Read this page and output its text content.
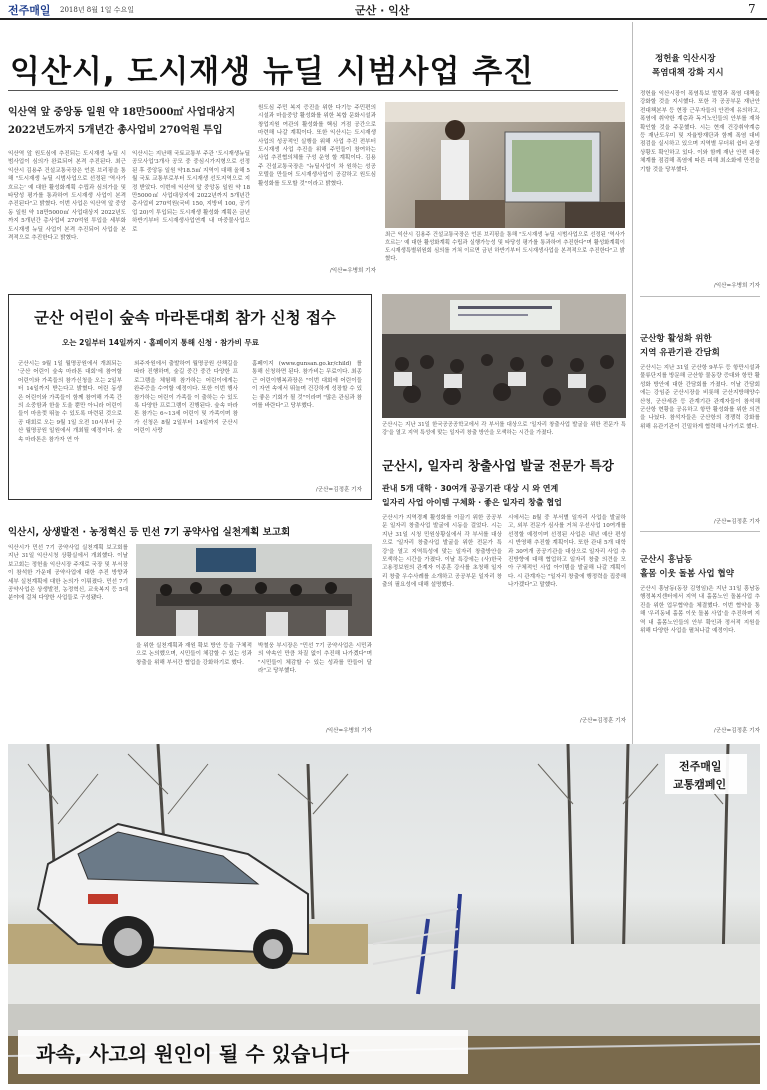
전주매일 2018년 8월 1일 수요일	군산 · 익산	7
익산시, 도시재생 뉴딜 시범사업 추진
익산역 앞 중앙동 일원 약 18만5000㎡ 사업대상지
2022년도까지 5개년간 총사업비 270억원 투입
익산역 앞 원도심에 추진되는 도시재생 뉴딜 시범사업이 심의가 완료되어 본격 추진된다. 최근 익산시 김용주 건설교통국장은 언론 브리핑을 통해 "도시재생 뉴딜 시범사업으로 선정된 '역사가 흐르는' 예 대한 활성화계획 수립과 심의가을 및 타당성 평가를 통과하여 도시재생 사업이 본격 추진된다"고 밝혔다. 이번 사업은 익산역 앞 중앙동 일원 약 18만5000㎡ 사업대상지 2022년도까지 5개년간 총사업비 270억원 투입을 세부화 도시재생 뉴딜 사업이 본격 추진되어 사업을 본격적으로 추진한다고 밝혔다.
익산시는 지난해 국토교통부 주관 '도시재생뉴딜 공모사업'3개사 공모 중 중심시가지형으로 선정된 후 중앙동 일원 약18.5㎡ 지역이 대해 올해 5월 국토 교통부로부터 도시재생 선도지역으로 지정 받았다. 이번에 익산역 앞 중앙동 일원 약 18만5000㎡ 사업대상지에 2022년까지 5개년간 총사업비 270억원(국비 150, 지방비 100, 공기업 20)이 투입되는 도시재생 활성화 계획은 금년 하반기부터 도시재생사업연계 내 마중물사업으로
원도심 주민 복지 증진을 위한 다기능 주민편의시설과 마을중앙 활성화를 위한 복합 문화시설과 창업지원 여관의 활성화를 핵심 거점 공간으로 마련해 나갈 계획이다. 또한 익산시는 도시재생 사업의 성공적인 실행을 위해 사업 추진 전부터 도시재생 사업 추진을 위해 주민들이 참여하는 사업 추진협의체를 구성 운영 할 계획이다. 김용주 건설교통국장은 "뉴딜사업이 차 원하는 성공모델을 만들어 도시재생사업이 공감하고 원도심 활성화를 도모할 것"이라고 밝혔다.
/익산=우병희 기자
최근 익산시 김용주 건설교통국장은 언론 브리핑을 통해 "도시재생 뉴딜 시범사업으로 선정된 '역사가 흐르는' 예 대한 활성화계획 수립과 실행가능성 및 타당성 평가를 통과하여 추진한다"며 활성화계획이 도시재생특별위원회 심의를 거쳐 이르면 금년 하반기부터 도시재생사업을 본격적으로 추진한다"고 밝혔다.
정헌율 익산시장
폭염대책 강화 지시
정헌율 익산시장이 폭염특보 발령과 폭염 대책을 강화할 것을 지시했다. 또한 각 공공부문 재난안전대책본부 등 현장 근무자들의 안전에 유의하고, 폭염에 취약한 계층과 독거노인들의 안부를 재차 확인할 것을 주문했다. 시는 현재 건강취약계층 등 재난도우미 및 자율방재단과 함께 폭염 대비 점검을 실시하고 있으며 지역별 무더위 쉼터 운영 상황도 확인하고 있다. 이와 함께 재난 안전 대응 체계를 점검해 폭염에 따른 피해 최소화에 만전을 기할 것을 당부했다.
/익산=우병희 기자
군산 어린이 숲속 마라톤대회 참가 신청 접수
오는 2일부터 14일까지 · 홈페이지 통해 신청 · 참가비 무료
군산시는 9월 1일 월명공원에서 개최되는 '군산 어린이 숲속 마라톤 대회'에 참여할 어린이와 가족들의 참가신청을 오는 2일부터 14일까지 받는다고 밝혔다. 어린 동생은 어린이와 가족들이 함께 참여해 가족 간의 소중함과 한울 도울 뿐만 아니라 어린이들이 마음껏 뛰놀 수 있도록 마련된 것으로 공 대회로 오는 9월 1일 오전 10시부터 군산 월명공원 일원에서 개최될 예정이다. 숲속 마라톤은 참가자 연 아
외주자원에서 출발하여 월명공원 산책길을 따라 진행하며, 숲길 중간 중간 다양한 프로그램을 체험해 참가하는 어린이에게는 완주증을 수여할 예정이다. 또한 이번 행사 참가하는 어린이 가족들 이 출하는 수 있도록 다양한 프로그램이 진행된다. 숲속 마라톤 참가는 6~13세 어린이 및 가족이며 참가 신청은 8월 2일부터 14일까지 군산시 어린이 사랑
홈페이지 (www.gunsan.go.kr/child) 를 통해 신청하면 된다. 참가비는 무료이다. 최종근 어린이행복과장은 "이번 대회에 어린이들이 자연 속에서 뛰놀며 건강하게 성장할 수 있는 좋은 기회가 될 것"이라며 "많은 관심과 참여를 바란다"고 당부했다.
/군산=김정훈 기자
군산시는 지난 31일 한국공공공학교에서 각 부서를 대상으로 '일자리 창출사업 발굴을 위한 전문가 특강'을 열고 지역 특성에 맞는 일자리 창출 방안을 모색하는 시간을 가졌다.
군산시, 일자리 창출사업 발굴 전문가 특강
관내 5개 대학 · 30여개 공공기관 대상 시 와 연계
일자리 사업 아이템 구체화 · 좋은 일자리 창출 협업
군산시가 지역경제 활성화를 이끌기 위한 공공부문 일자리 창출사업 발굴에 시동을 걸었다. 시는 지난 31일 시청 민원상황실에서 각 부서를 대상으로 '일자리 창출사업 발굴을 위한 전문가 특강'을 열고 지역특성에 맞는 일자리 창출방안을 모색하는 시간을 가졌다. 이날 특강에는 (사)한국고용정보원의 관계자 이종훈 강사를 초청해 일자리 창출 우수사례를 소개하고 공공부문 일자리 창출의 필요성에 대해 설명했다.
시에서는 8월 중 부서별 일자리 사업을 발굴하고, 외부 전문가 심사를 거쳐 우선사업 10여개를 선정할 예정이며 선정된 사업은 내년 예산 편성 시 반영해 추진할 계획이다. 또한 관내 5개 대학과 30여개 공공기관을 대상으로 일자리 사업 추진방향에 대해 협업하고 일자리 창출 의견을 모아 구체적인 사업 아이템을 발굴해 나갈 계획이다. 시 관계자는 "일자리 창출에 행정력을 집중해 나가겠다"고 말했다.
/군산=김정훈 기자
군산항 활성화 위한
지역 유관기관 간담회
군산시는 지난 31일 군산항 9부두 등 항만시설과 물류단지를 방문해 군산항 물동량 증대와 항만 활성화 방안에 대한 간담회를 가졌다. 이날 간담회에는 강임준 군산시장을 비롯해 군산지방해양수산청, 군산세관 등 관계기관 관계자들이 참석해 군산항 현황을 공유하고 항만 활성화를 위한 의견을 나눴다. 참석자들은 군산항의 경쟁력 강화를 위해 유관기관이 긴밀하게 협력해 나가기로 했다.
/군산=김정훈 기자
익산시, 상생발전 · 농정혁신 등 민선 7기 공약사업 실천계획 보고회
익산시가 민선 7기 공약사업 실천계획 보고회를 지난 31일 익산시청 상황실에서 개최했다. 이날 보고회는 정헌율 익산시장 주재로 국장 및 부서장이 참석한 가운데 공약사업에 대한 추진 방향과 세부 실천계획에 대한 논의가 이뤄졌다. 민선 7기 공약사업은 상생발전, 농정혁신, 교육복지 등 5대 분야에 걸쳐 다양한 사업들로 구성됐다.
을 위한 실천계획과 재원 확보 방안 등을 구체적으로 논의했으며, 시민들이 체감할 수 있는 성과 창출을 위해 부서간 협업을 강화하기로 했다.
박철웅 부시장은 "민선 7기 공약사업은 시민과의 약속인 만큼 차질 없이 추진해 나가겠다"며 "시민들이 체감할 수 있는 성과를 만들어 달라"고 당부했다.
/익산=우병희 기자
군산시 흥남동
홀몸 이웃 돌봄 사업 협약
군산시 흥남동(동장 김영임)은 지난 31일 흥남동 행정복지센터에서 지역 내 홀몸노인 돌봄사업 추진을 위한 업무협약을 체결했다. 이번 협약을 통해 '우리동네 홀몸 이웃 돌봄 사업'을 추진하며 지역 내 홀몸노인들의 안부 확인과 정서적 지원을 위해 다양한 사업을 펼쳐나갈 예정이다.
/군산=김정훈 기자
전주매일
교통캠페인
과속, 사고의 원인이 될 수 있습니다
